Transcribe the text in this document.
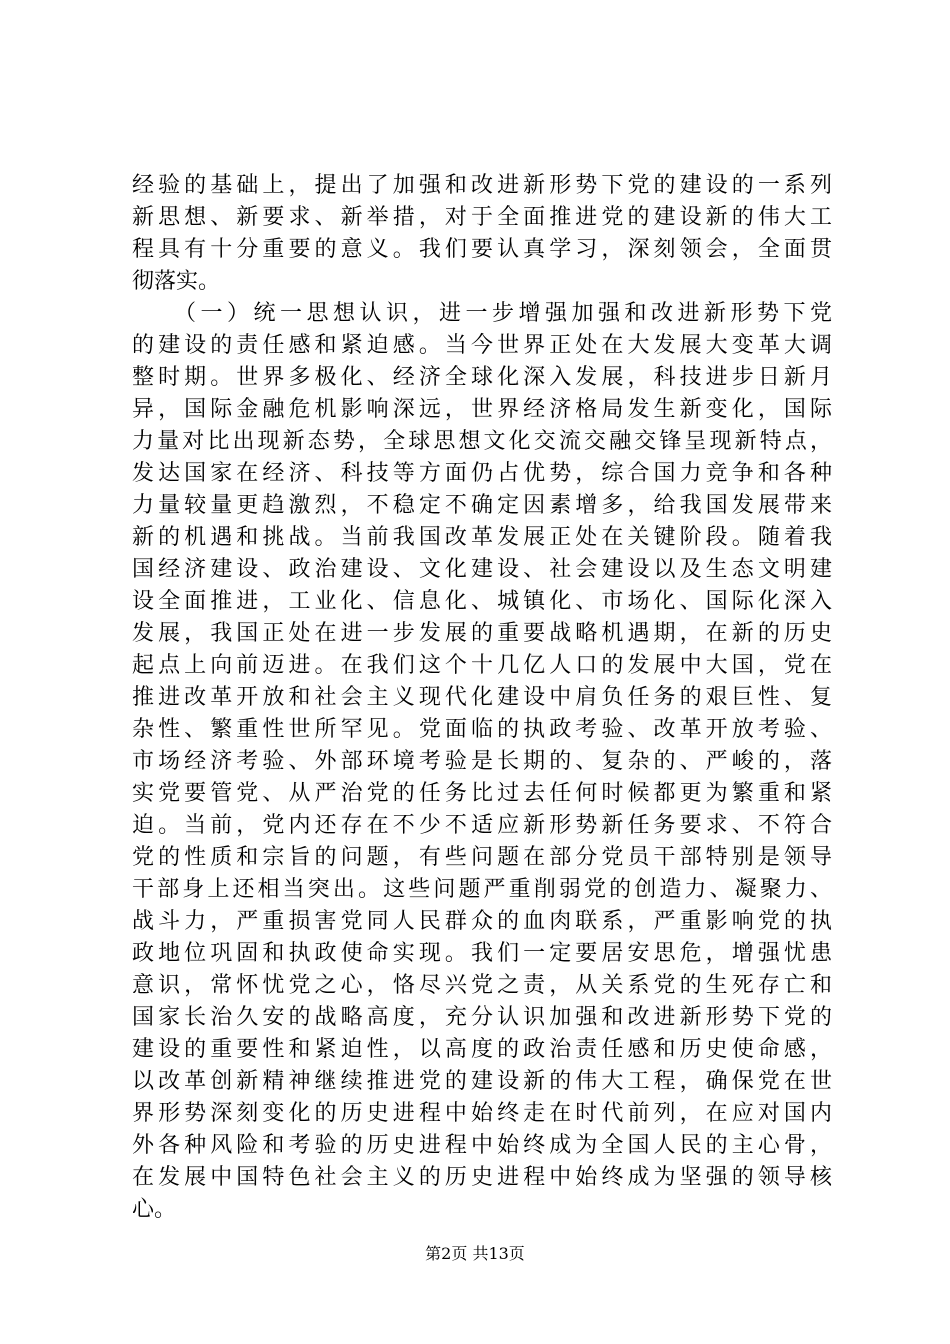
经验的基础上，提出了加强和改进新形势下党的建设的一系列
新思想、新要求、新举措，对于全面推进党的建设新的伟大工
程具有十分重要的意义。我们要认真学习，深刻领会，全面贯
彻落实。
　　（一）统一思想认识，进一步增强加强和改进新形势下党
的建设的责任感和紧迫感。当今世界正处在大发展大变革大调
整时期。世界多极化、经济全球化深入发展，科技进步日新月
异，国际金融危机影响深远，世界经济格局发生新变化，国际
力量对比出现新态势，全球思想文化交流交融交锋呈现新特点，
发达国家在经济、科技等方面仍占优势，综合国力竞争和各种
力量较量更趋激烈，不稳定不确定因素增多，给我国发展带来
新的机遇和挑战。当前我国改革发展正处在关键阶段。随着我
国经济建设、政治建设、文化建设、社会建设以及生态文明建
设全面推进，工业化、信息化、城镇化、市场化、国际化深入
发展，我国正处在进一步发展的重要战略机遇期，在新的历史
起点上向前迈进。在我们这个十几亿人口的发展中大国，党在
推进改革开放和社会主义现代化建设中肩负任务的艰巨性、复
杂性、繁重性世所罕见。党面临的执政考验、改革开放考验、
市场经济考验、外部环境考验是长期的、复杂的、严峻的，落
实党要管党、从严治党的任务比过去任何时候都更为繁重和紧
迫。当前，党内还存在不少不适应新形势新任务要求、不符合
党的性质和宗旨的问题，有些问题在部分党员干部特别是领导
干部身上还相当突出。这些问题严重削弱党的创造力、凝聚力、
战斗力，严重损害党同人民群众的血肉联系，严重影响党的执
政地位巩固和执政使命实现。我们一定要居安思危，增强忧患
意识，常怀忧党之心，恪尽兴党之责，从关系党的生死存亡和
国家长治久安的战略高度，充分认识加强和改进新形势下党的
建设的重要性和紧迫性，以高度的政治责任感和历史使命感，
以改革创新精神继续推进党的建设新的伟大工程，确保党在世
界形势深刻变化的历史进程中始终走在时代前列，在应对国内
外各种风险和考验的历史进程中始终成为全国人民的主心骨，
在发展中国特色社会主义的历史进程中始终成为坚强的领导核
心。
第2页 共13页
